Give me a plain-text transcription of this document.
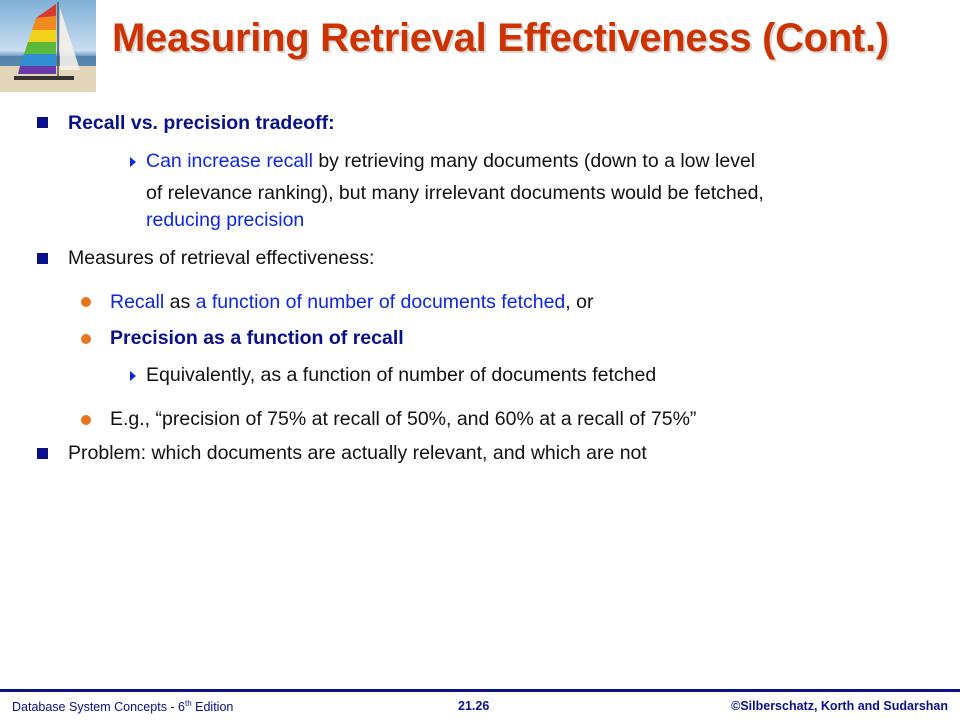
Measuring Retrieval Effectiveness (Cont.)
Recall vs. precision tradeoff:
Can increase recall by retrieving many documents (down to a low level
of relevance ranking), but many irrelevant documents would be fetched,
reducing precision
Measures of retrieval effectiveness:
Recall as a function of number of documents fetched, or
Precision as a function of recall
Equivalently, as a function of number of documents fetched
E.g., “precision of 75% at recall of 50%, and 60% at a recall of 75%”
Problem: which documents are actually relevant, and which are not
Database System Concepts - 6th Edition	21.26	©Silberschatz, Korth and Sudarshan
